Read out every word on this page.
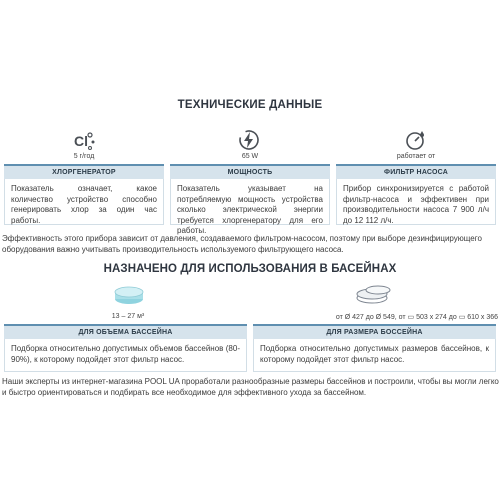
ТЕХНИЧЕСКИЕ ДАННЫЕ
Cl
5 г/год
ХЛОРГЕНЕРАТОР
Показатель означает, какое количество устройство способно генерировать хлор за один час работы.
65 W
МОЩНОСТЬ
Показатель указывает на потребляемую мощность устройства сколько электрической энергии требуется хлоргенератору для его работы.
работает от
ФИЛЬТР НАСОСА
Прибор синхронизируется с работой фильтр-насоса и эффективен при производительности насоса 7 900 л/ч до 12 112 л/ч.
Эффективность этого прибора зависит от давления, создаваемого фильтром-насосом, поэтому при выборе дезинфицирующего оборудования важно учитывать производительность используемого фильтрующего насоса.
НАЗНАЧЕНО ДЛЯ ИСПОЛЬЗОВАНИЯ В БАСЕЙНАХ
13 – 27 м³
ДЛЯ ОБЪЕМА БАССЕЙНА
Подборка относительно допустимых объемов бассейнов (80-90%), к которому подойдет этот фильтр насос.
от Ø 427 до Ø 549, от ▭ 503 x 274 до ▭ 610 x 366
ДЛЯ РАЗМЕРА БОССЕЙНА
Подборка относительно допустимых размеров бассейнов, к которому подойдет этот фильтр насос.
Наши эксперты из интернет-магазина POOL UA проработали разнообразные размеры бассейнов и построили, чтобы вы могли легко и быстро ориентироваться и подбирать все необходимое для эффективного ухода за бассейном.
